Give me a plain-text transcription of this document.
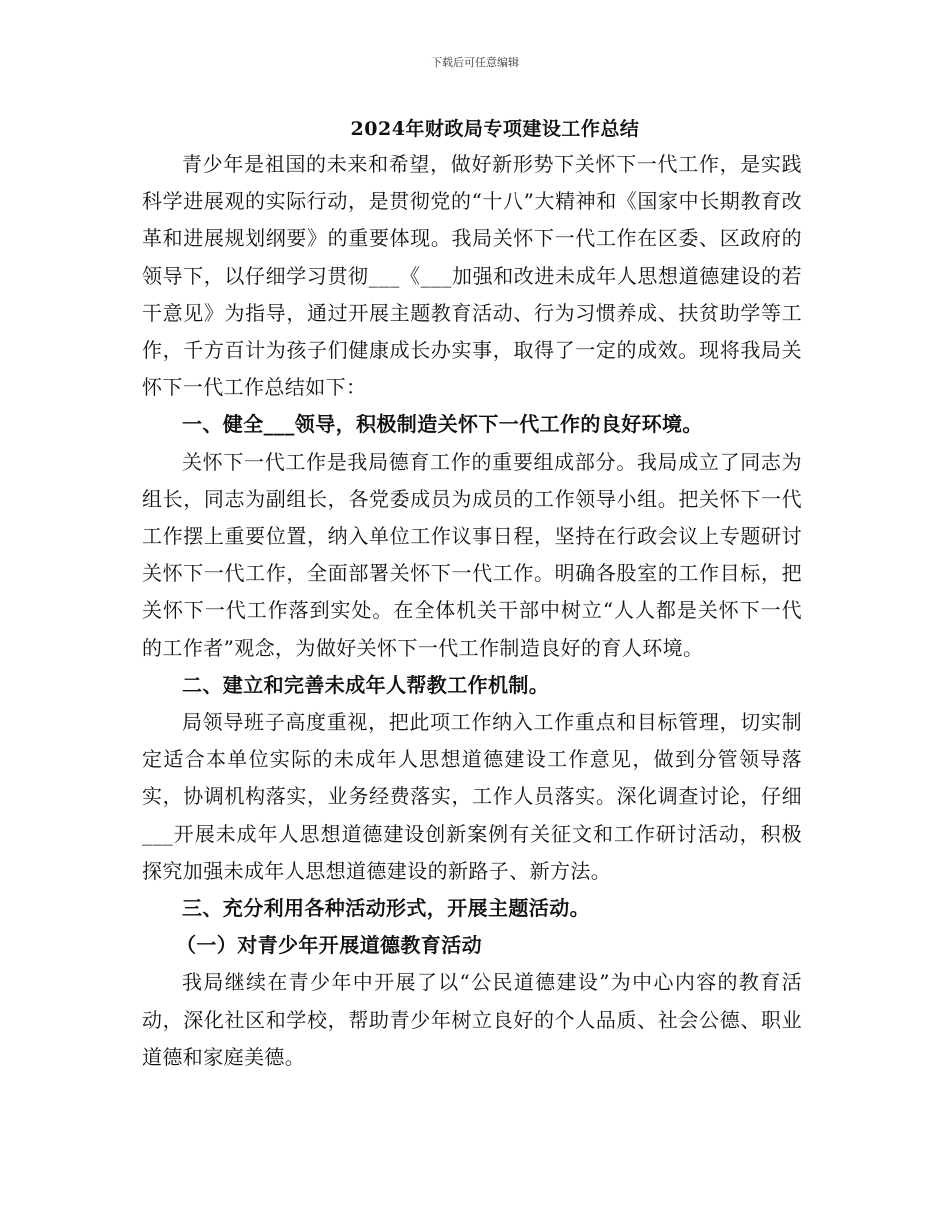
下载后可任意编辑
2024年财政局专项建设工作总结

青少年是祖国的未来和希望，做好新形势下关怀下一代工作，是实践科学进展观的实际行动，是贯彻党的“十八”大精神和《国家中长期教育改革和进展规划纲要》的重要体现。我局关怀下一代工作在区委、区政府的领导下，以仔细学习贯彻___《___加强和改进未成年人思想道德建设的若干意见》为指导，通过开展主题教育活动、行为习惯养成、扶贫助学等工作，千方百计为孩子们健康成长办实事，取得了一定的成效。现将我局关怀下一代工作总结如下：

一、健全___领导，积极制造关怀下一代工作的良好环境。

关怀下一代工作是我局德育工作的重要组成部分。我局成立了同志为组长，同志为副组长，各党委成员为成员的工作领导小组。把关怀下一代工作摆上重要位置，纳入单位工作议事日程，坚持在行政会议上专题研讨关怀下一代工作，全面部署关怀下一代工作。明确各股室的工作目标，把关怀下一代工作落到实处。在全体机关干部中树立“人人都是关怀下一代的工作者”观念，为做好关怀下一代工作制造良好的育人环境。

二、建立和完善未成年人帮教工作机制。

局领导班子高度重视，把此项工作纳入工作重点和目标管理，切实制定适合本单位实际的未成年人思想道德建设工作意见，做到分管领导落实，协调机构落实，业务经费落实，工作人员落实。深化调查讨论，仔细___开展未成年人思想道德建设创新案例有关征文和工作研讨活动，积极探究加强未成年人思想道德建设的新路子、新方法。

三、充分利用各种活动形式，开展主题活动。

（一）对青少年开展道德教育活动

我局继续在青少年中开展了以“公民道德建设”为中心内容的教育活动，深化社区和学校，帮助青少年树立良好的个人品质、社会公德、职业道德和家庭美德。
